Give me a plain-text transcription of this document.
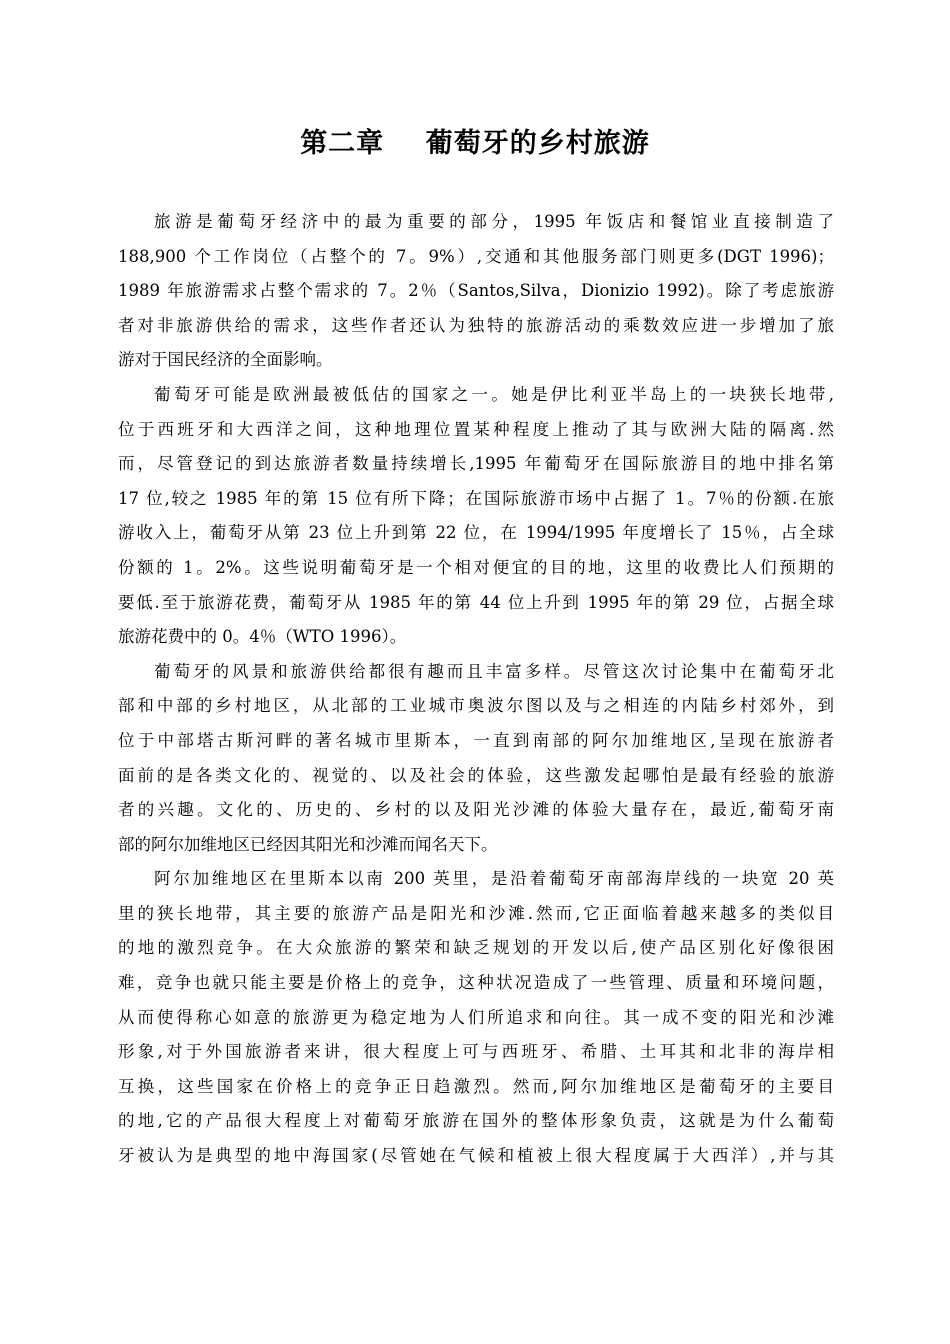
第二章    葡萄牙的乡村旅游
旅游是葡萄牙经济中的最为重要的部分，1995 年饭店和餐馆业直接制造了
188,900 个工作岗位（占整个的 7。9%）,交通和其他服务部门则更多(DGT 1996)；
1989 年旅游需求占整个需求的 7。2％（Santos,Silva，Dionizio 1992)。除了考虑旅游
者对非旅游供给的需求，这些作者还认为独特的旅游活动的乘数效应进一步增加了旅
游对于国民经济的全面影响。
葡萄牙可能是欧洲最被低估的国家之一。她是伊比利亚半岛上的一块狭长地带,
位于西班牙和大西洋之间，这种地理位置某种程度上推动了其与欧洲大陆的隔离.然
而，尽管登记的到达旅游者数量持续增长,1995 年葡萄牙在国际旅游目的地中排名第
17 位,较之 1985 年的第 15 位有所下降；在国际旅游市场中占据了 1。7％的份额.在旅
游收入上，葡萄牙从第 23 位上升到第 22 位，在 1994/1995 年度增长了 15％，占全球
份额的 1。2%。这些说明葡萄牙是一个相对便宜的目的地，这里的收费比人们预期的
要低.至于旅游花费，葡萄牙从 1985 年的第 44 位上升到 1995 年的第 29 位，占据全球
旅游花费中的 0。4％（WTO 1996）。
葡萄牙的风景和旅游供给都很有趣而且丰富多样。尽管这次讨论集中在葡萄牙北
部和中部的乡村地区，从北部的工业城市奥波尔图以及与之相连的内陆乡村郊外，到
位于中部塔古斯河畔的著名城市里斯本，一直到南部的阿尔加维地区,呈现在旅游者
面前的是各类文化的、视觉的、以及社会的体验，这些激发起哪怕是最有经验的旅游
者的兴趣。文化的、历史的、乡村的以及阳光沙滩的体验大量存在，最近,葡萄牙南
部的阿尔加维地区已经因其阳光和沙滩而闻名天下。
阿尔加维地区在里斯本以南 200 英里，是沿着葡萄牙南部海岸线的一块宽 20 英
里的狭长地带，其主要的旅游产品是阳光和沙滩.然而,它正面临着越来越多的类似目
的地的激烈竞争。在大众旅游的繁荣和缺乏规划的开发以后,使产品区别化好像很困
难，竞争也就只能主要是价格上的竞争，这种状况造成了一些管理、质量和环境问题，
从而使得称心如意的旅游更为稳定地为人们所追求和向往。其一成不变的阳光和沙滩
形象,对于外国旅游者来讲，很大程度上可与西班牙、希腊、土耳其和北非的海岸相
互换，这些国家在价格上的竞争正日趋激烈。然而,阿尔加维地区是葡萄牙的主要目
的地,它的产品很大程度上对葡萄牙旅游在国外的整体形象负责，这就是为什么葡萄
牙被认为是典型的地中海国家(尽管她在气候和植被上很大程度属于大西洋）,并与其
